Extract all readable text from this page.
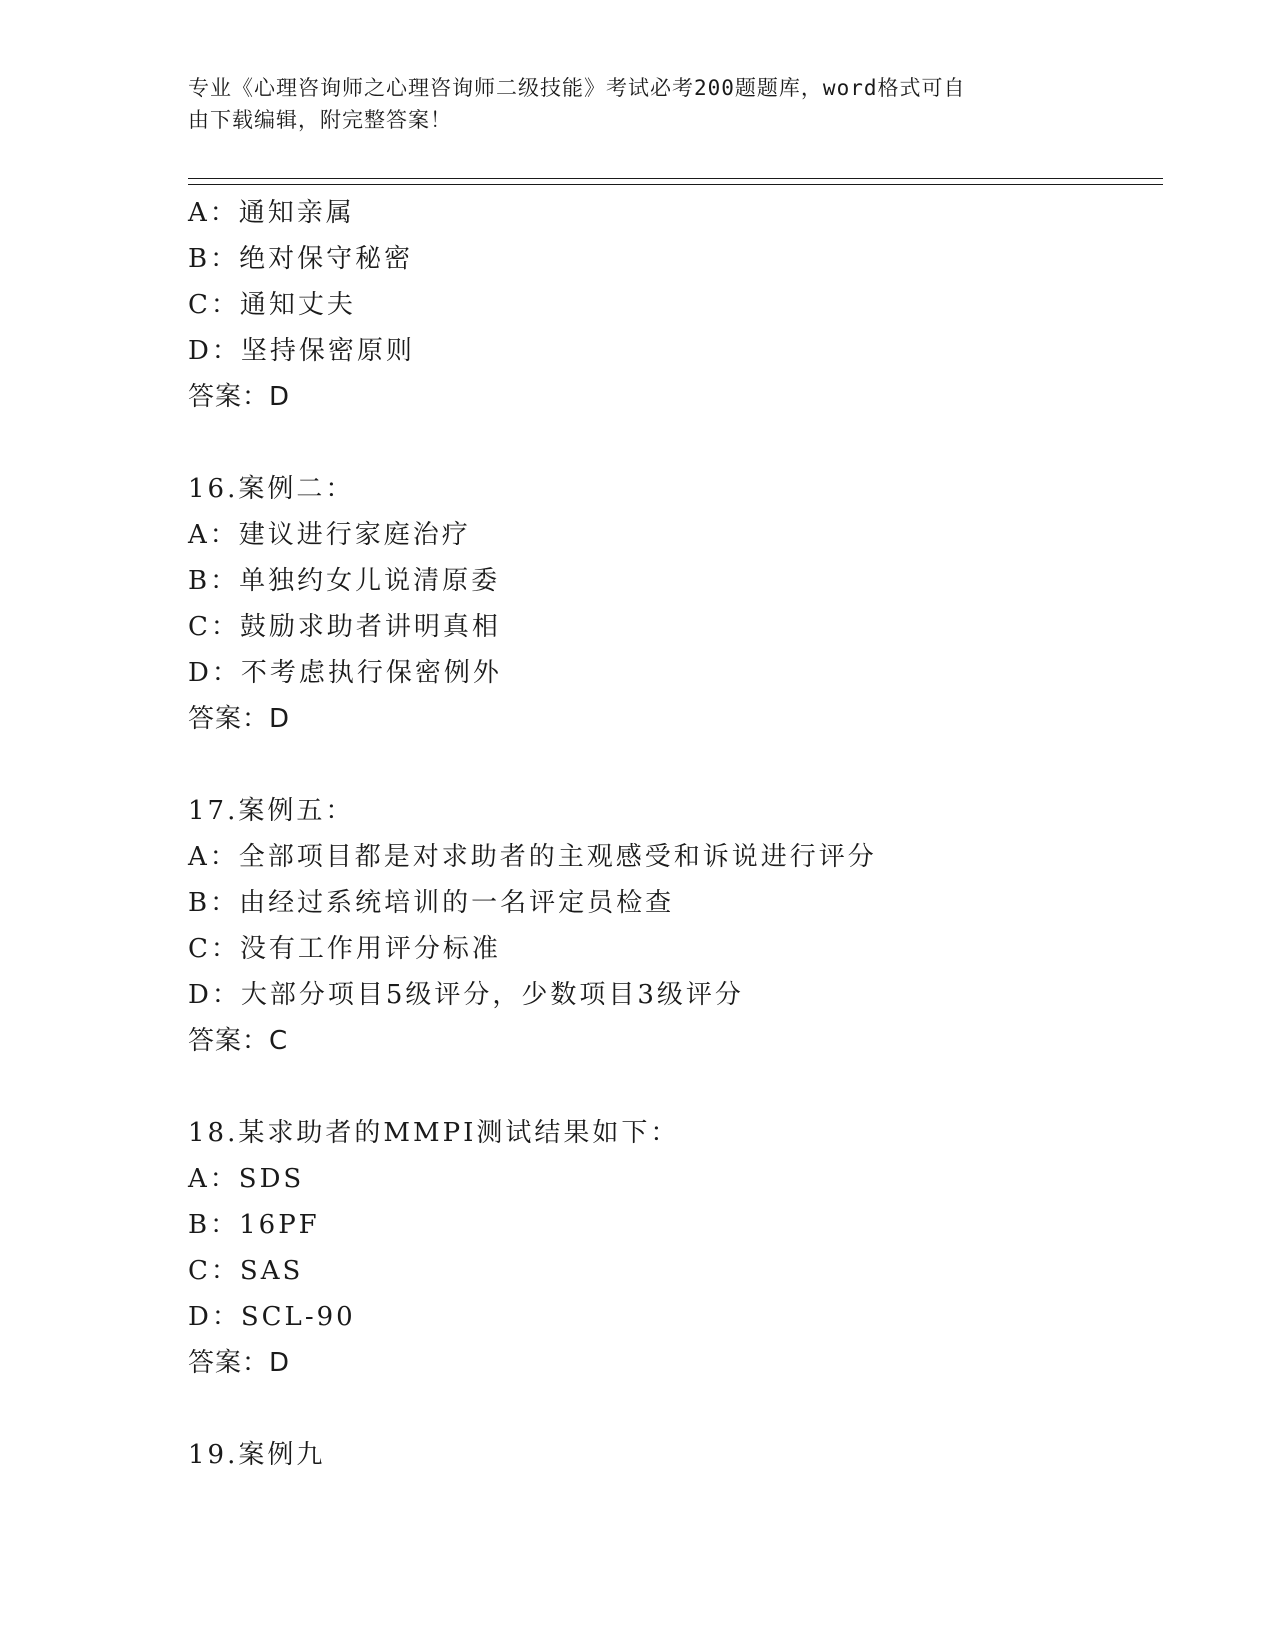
专业《心理咨询师之心理咨询师二级技能》考试必考200题题库，word格式可自
由下载编辑，附完整答案！
A：通知亲属
B：绝对保守秘密
C：通知丈夫
D：坚持保密原则
答案：D
16.案例二：
A：建议进行家庭治疗
B：单独约女儿说清原委
C：鼓励求助者讲明真相
D：不考虑执行保密例外
答案：D
17.案例五：
A：全部项目都是对求助者的主观感受和诉说进行评分
B：由经过系统培训的一名评定员检查
C：没有工作用评分标准
D：大部分项目5级评分，少数项目3级评分
答案：C
18.某求助者的MMPI测试结果如下：
A：SDS
B：16PF
C：SAS
D：SCL-90
答案：D
19.案例九
